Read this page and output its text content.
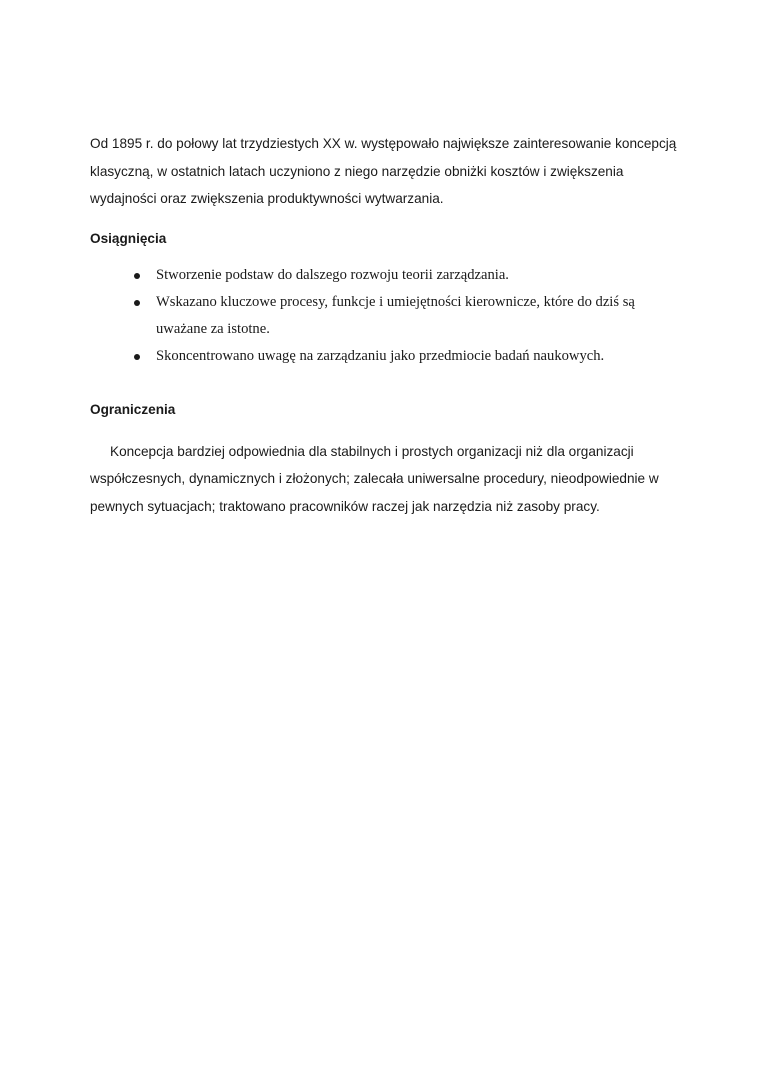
Od 1895 r. do połowy lat trzydziestych XX w. występowało największe zainteresowanie koncepcją klasyczną, w ostatnich latach uczyniono z niego narzędzie obniżki kosztów i zwiększenia wydajności oraz zwiększenia produktywności wytwarzania.

Osiągnięcia

Stworzenie podstaw do dalszego rozwoju teorii zarządzania.
Wskazano kluczowe procesy, funkcje i umiejętności kierownicze, które do dziś są uważane za istotne.
Skoncentrowano uwagę na zarządzaniu jako przedmiocie badań naukowych.

Ograniczenia

Koncepcja bardziej odpowiednia dla stabilnych i prostych organizacji niż dla organizacji współczesnych, dynamicznych i złożonych; zalecała uniwersalne procedury, nieodpowiednie w pewnych sytuacjach; traktowano pracowników raczej jak narzędzia niż zasoby pracy.
